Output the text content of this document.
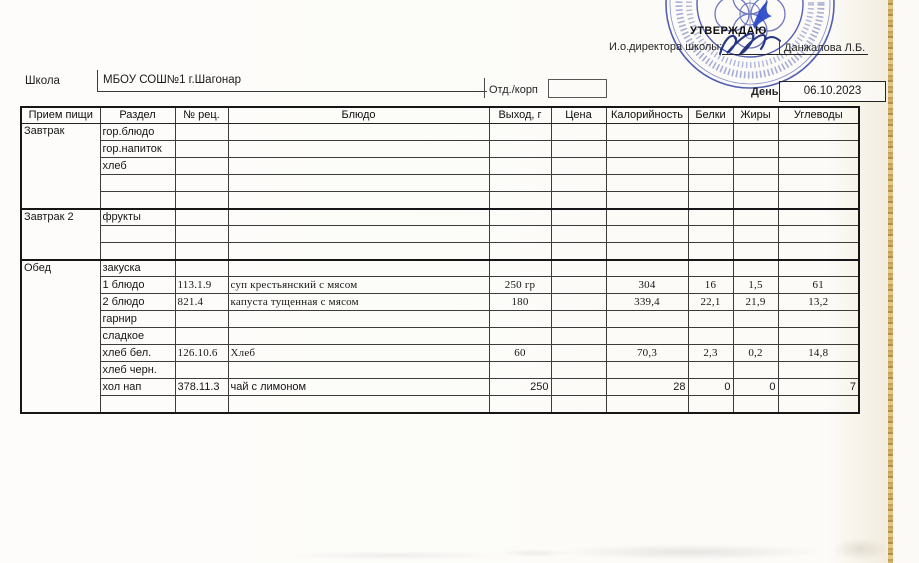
УТВЕРЖДАЮ
И.о.директора школы:	Данжалова Л.Б.
Школа	МБОУ СОШ№1 г.Шагонар
Отд./корп	День	06.10.2023
Прием пищи	Раздел	№ рец.	Блюдо	Выход, г	Цена	Калорийность	Белки	Жиры	Углеводы
Завтрак	гор.блюдо								
	гор.напиток								
	хлеб								

Завтрак 2	фрукты								

Обед	закуска								
	1 блюдо	113.1.9	суп крестьянский с мясом	250 гр		304	16	1,5	61
	2 блюдо	821.4	капуста тущенная с мясом	180		339,4	22,1	21,9	13,2
	гарнир								
	сладкое								
	хлеб бел.	126.10.6	Хлеб	60		70,3	2,3	0,2	14,8
	хлеб черн.								
	хол нап	378.11.3	чай с лимоном	250		28	0	0	7
